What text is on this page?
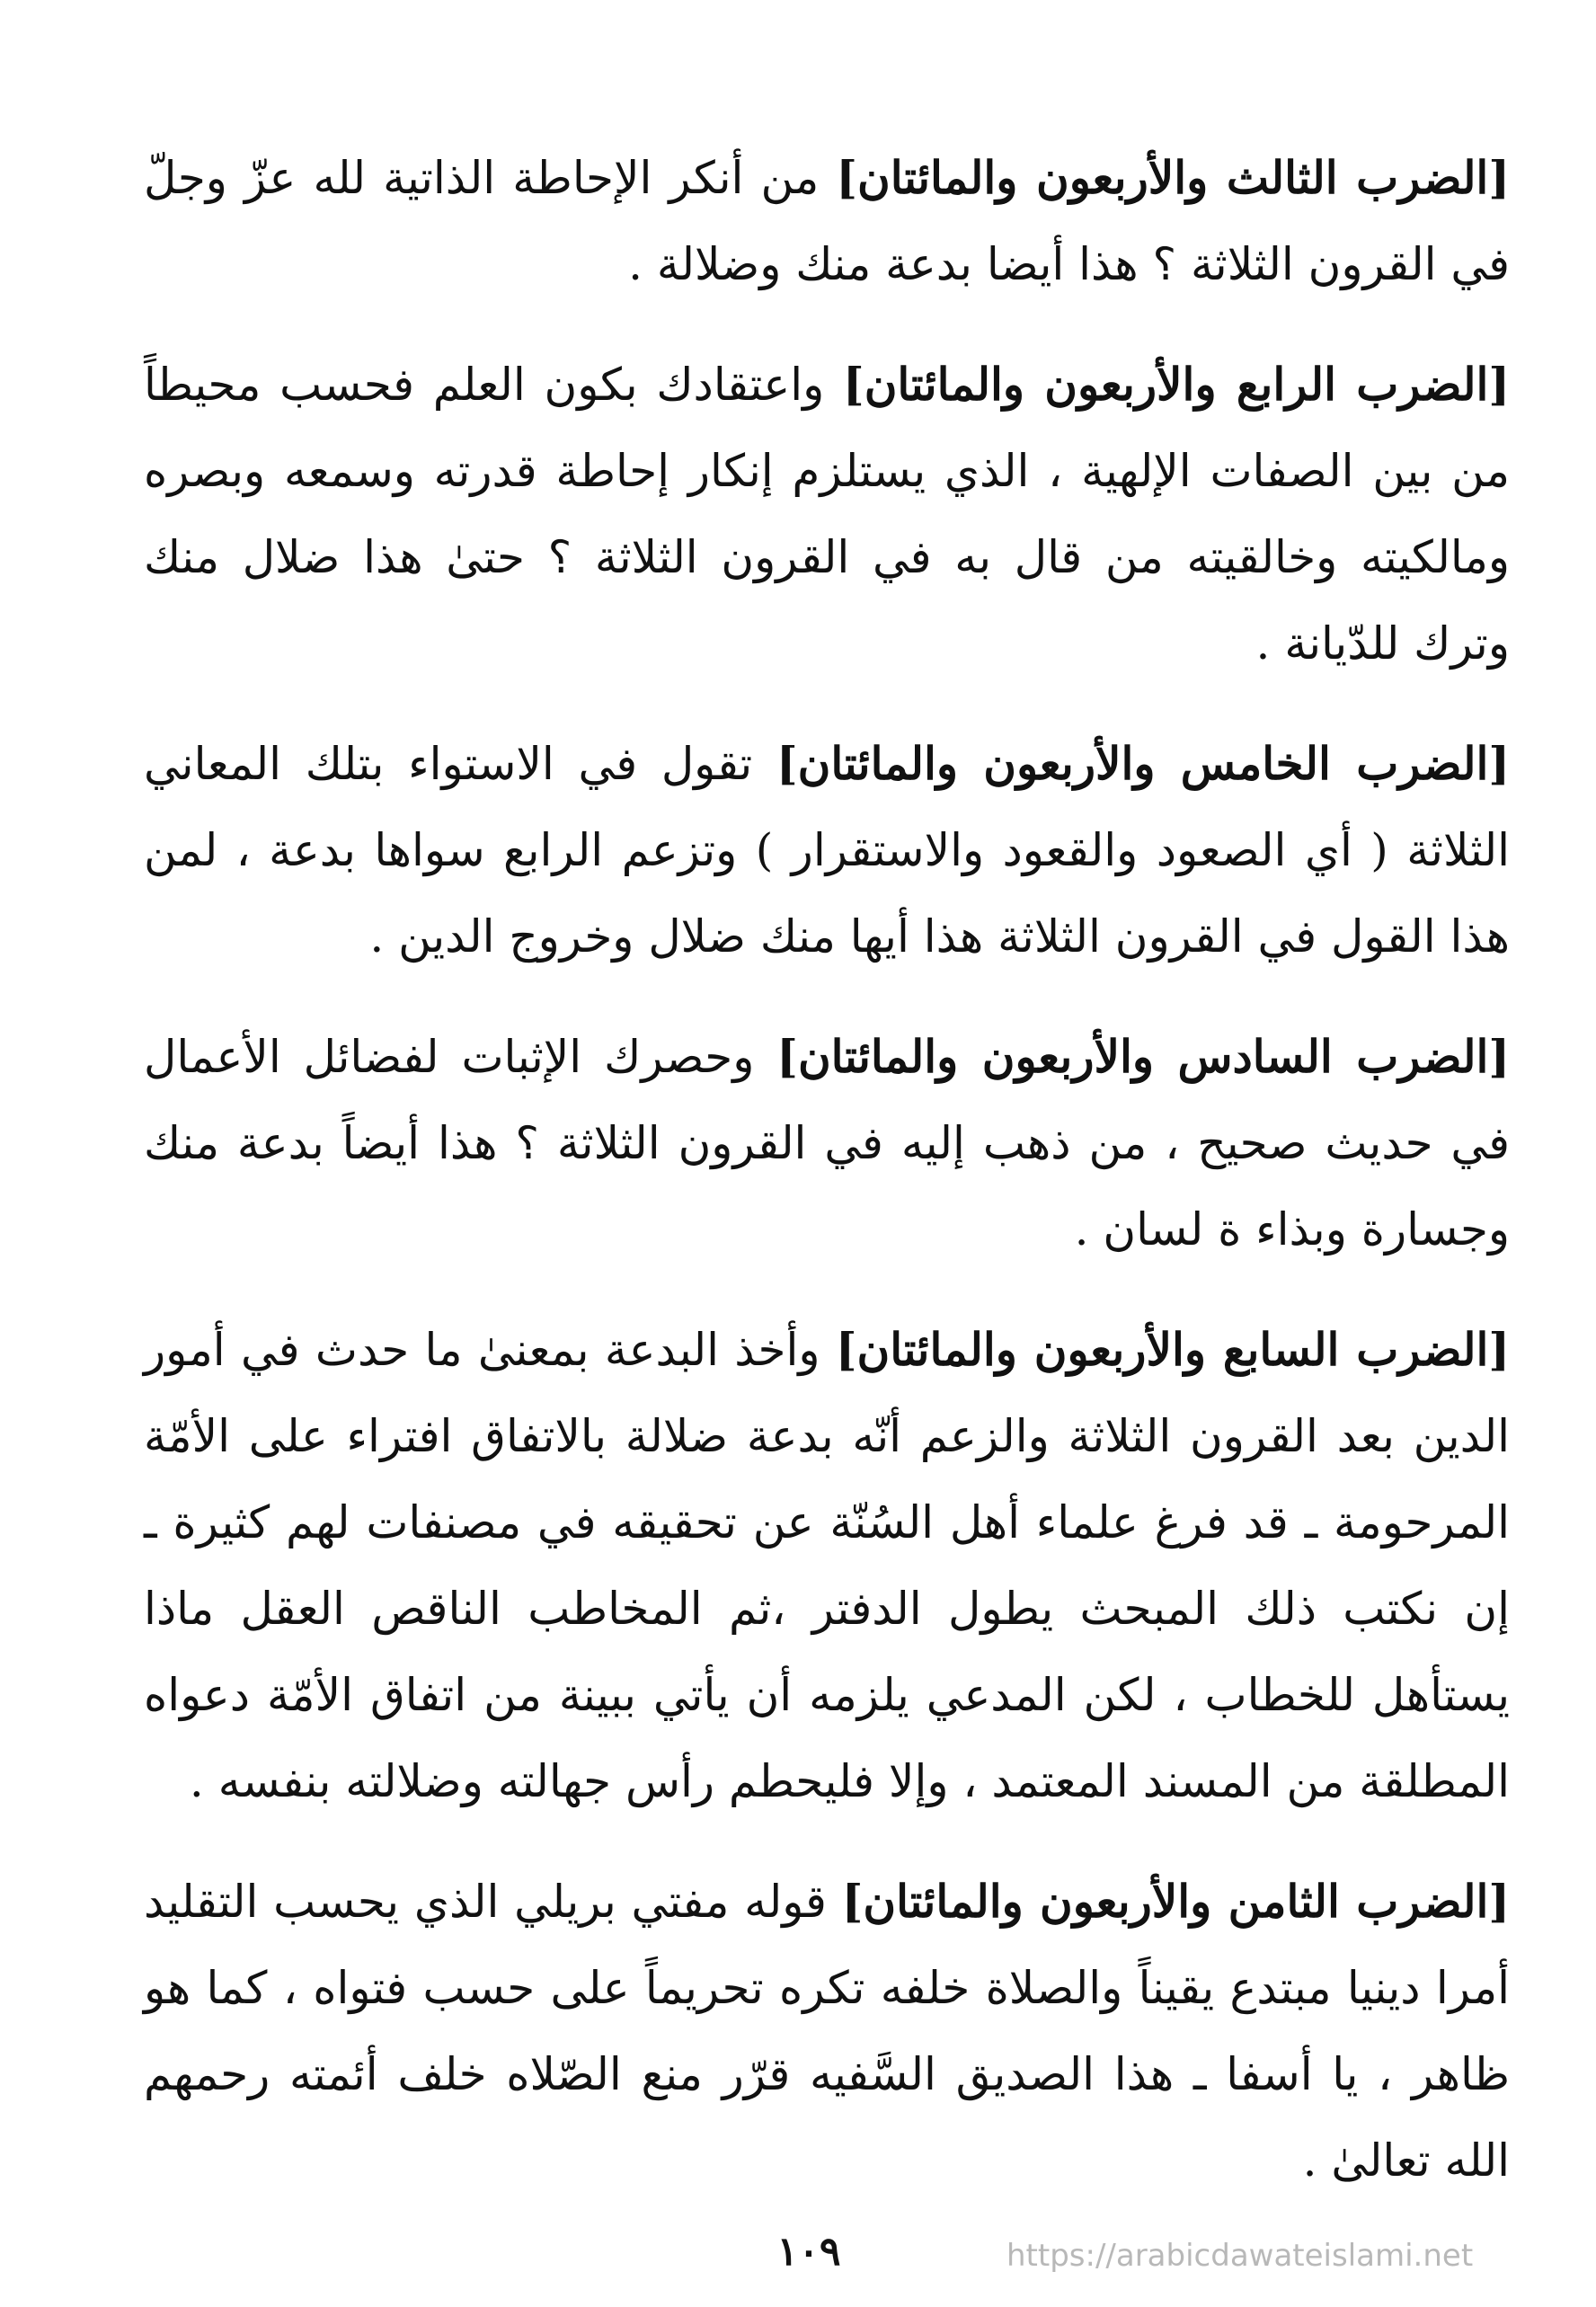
[الضرب الثالث والأربعون والمائتان] من أنكر الإحاطة الذاتية لله عزّ وجلّ في القرون الثلاثة ؟ هذا أيضا بدعة منك وضلالة .

[الضرب الرابع والأربعون والمائتان] واعتقادك بكون العلم فحسب محيطاً من بين الصفات الإلهية ، الذي يستلزم إنكار إحاطة قدرته وسمعه وبصره ومالكيته وخالقيته من قال به في القرون الثلاثة ؟ حتىٰ هذا ضلال منك وترك للدّيانة .

[الضرب الخامس والأربعون والمائتان] تقول في الاستواء بتلك المعاني الثلاثة ( أي الصعود والقعود والاستقرار ) وتزعم الرابع سواها بدعة ، لمن هذا القول في القرون الثلاثة هذا أيها منك ضلال وخروج الدين .

[الضرب السادس والأربعون والمائتان] وحصرك الإثبات لفضائل الأعمال في حديث صحيح ، من ذهب إليه في القرون الثلاثة ؟ هذا أيضاً بدعة منك وجسارة وبذاء ة لسان .

[الضرب السابع والأربعون والمائتان] وأخذ البدعة بمعنىٰ ما حدث في أمور الدين بعد القرون الثلاثة والزعم أنّه بدعة ضلالة بالاتفاق افتراء على الأمّة المرحومة ـ قد فرغ علماء أهل السُنّة عن تحقيقه في مصنفات لهم كثيرة ـ إن نكتب ذلك المبحث يطول الدفتر ،ثم المخاطب الناقص العقل ماذا يستأهل للخطاب ، لكن المدعي يلزمه أن يأتي ببينة من اتفاق الأمّة دعواه المطلقة من المسند المعتمد ، وإلا فليحطم رأس جهالته وضلالته بنفسه .

[الضرب الثامن والأربعون والمائتان] قوله مفتي بريلي الذي يحسب التقليد أمرا دينيا مبتدع يقيناً والصلاة خلفه تكره تحريماً على حسب فتواه ، كما هو ظاهر ، يا أسفا ـ هذا الصديق السَّفيه قرّر منع الصّلاه خلف أئمته رحمهم الله تعالىٰ .

١٠٩	https://arabicdawateislami.net
